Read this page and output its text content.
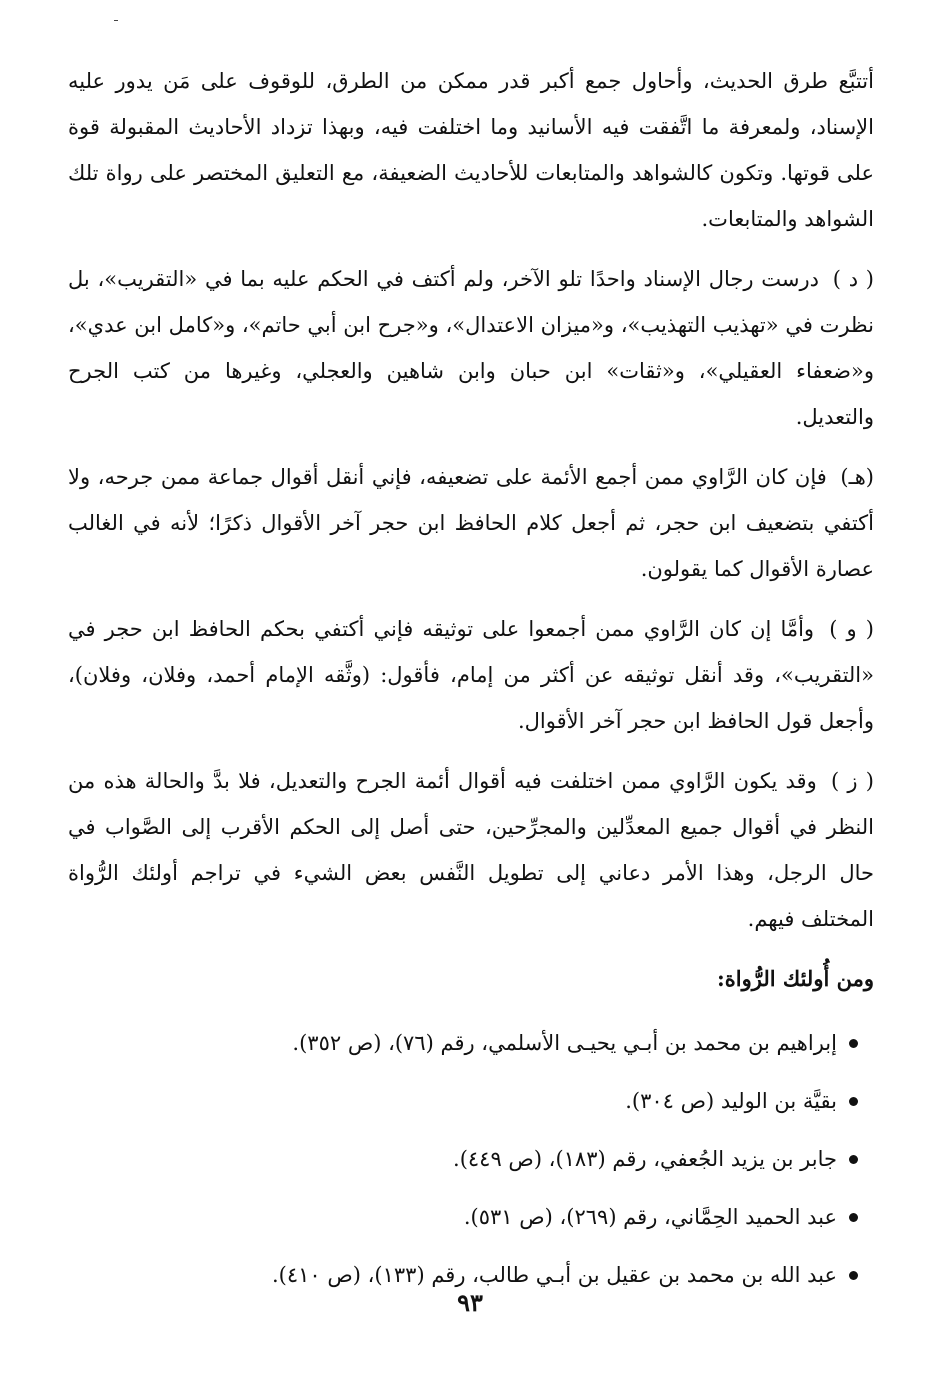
أتتبَّع طرق الحديث، وأحاول جمع أكبر قدر ممكن من الطرق، للوقوف على مَن يدور عليه الإسناد، ولمعرفة ما اتَّفقت فيه الأسانيد وما اختلفت فيه، وبهذا تزداد الأحاديث المقبولة قوة على قوتها. وتكون كالشواهد والمتابعات للأحاديث الضعيفة، مع التعليق المختصر على رواة تلك الشواهد والمتابعات.

( د ) درست رجال الإسناد واحدًا تلو الآخر، ولم أكتف في الحكم عليه بما في «التقريب»، بل نظرت في «تهذيب التهذيب»، و«ميزان الاعتدال»، و«جرح ابن أبي حاتم»، و«كامل ابن عدي»، و«ضعفاء العقيلي»، و«ثقات» ابن حبان وابن شاهين والعجلي، وغيرها من كتب الجرح والتعديل.

(هـ) فإن كان الرَّاوي ممن أجمع الأئمة على تضعيفه، فإني أنقل أقوال جماعة ممن جرحه، ولا أكتفي بتضعيف ابن حجر، ثم أجعل كلام الحافظ ابن حجر آخر الأقوال ذكرًا؛ لأنه في الغالب عصارة الأقوال كما يقولون.

( و ) وأمَّا إن كان الرَّاوي ممن أجمعوا على توثيقه فإني أكتفي بحكم الحافظ ابن حجر في «التقريب»، وقد أنقل توثيقه عن أكثر من إمام، فأقول: (وثَّقه الإمام أحمد، وفلان، وفلان)، وأجعل قول الحافظ ابن حجر آخر الأقوال.

( ز ) وقد يكون الرَّاوي ممن اختلفت فيه أقوال أئمة الجرح والتعديل، فلا بدَّ والحالة هذه من النظر في أقوال جميع المعدِّلين والمجرِّحين، حتى أصل إلى الحكم الأقرب إلى الصَّواب في حال الرجل، وهذا الأمر دعاني إلى تطويل النَّفس بعض الشيء في تراجم أولئك الرُّواة المختلف فيهم.

ومن أُولئك الرُّواة:
إبراهيم بن محمد بن أبـي يحيـى الأسلمي، رقم (٧٦)، (ص ٣٥٢).
بقيَّة بن الوليد (ص ٣٠٤).
جابر بن يزيد الجُعفي، رقم (١٨٣)، (ص ٤٤٩).
عبد الحميد الحِمَّاني، رقم (٢٦٩)، (ص ٥٣١).
عبد الله بن محمد بن عقيل بن أبـي طالب، رقم (١٣٣)، (ص ٤١٠).
٩٣
